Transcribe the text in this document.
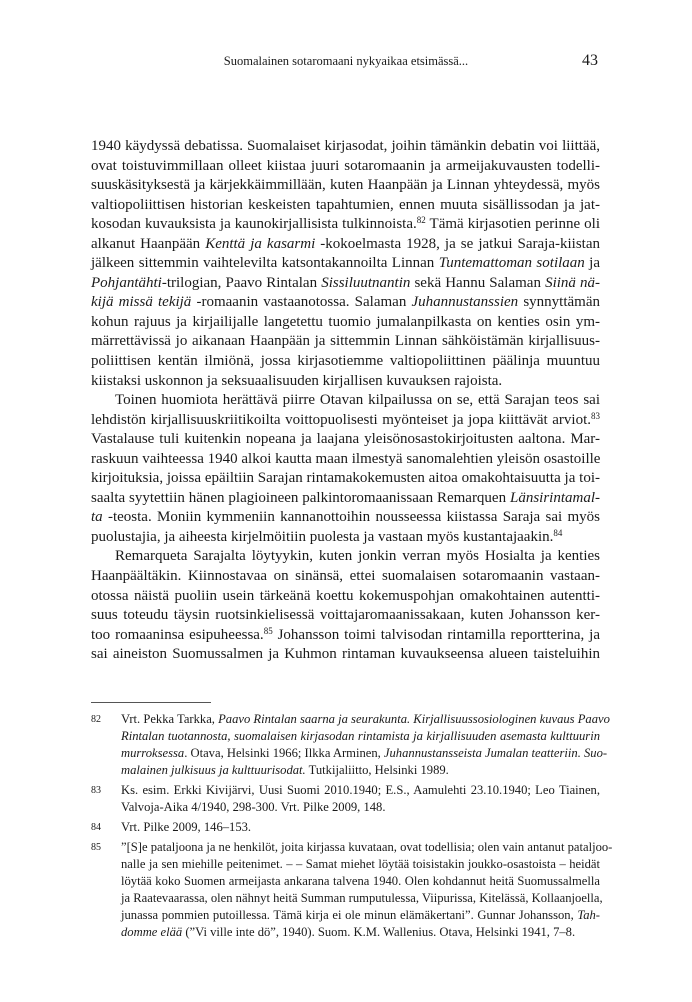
Suomalainen sotaromaani nykyaikaa etsimässä...	43
1940 käydyssä debatissa. Suomalaiset kirjasodat, joihin tämänkin debatin voi liittää,
ovat toistuvimmillaan olleet kiistaa juuri sotaromaanin ja armeijakuvausten todelli-
suuskäsityksestä ja kärjekkäimmillään, kuten Haanpään ja Linnan yhteydessä, myös
valtiopoliittisen historian keskeisten tapahtumien, ennen muuta sisällissodan ja jat-
kosodan kuvauksista ja kaunokirjallisista tulkinnoista.$^{82}$ Tämä kirjasotien perinne oli
alkanut Haanpään Kenttä ja kasarmi -kokoelmasta 1928, ja se jatkui Saraja-kiistan
jälkeen sittemmin vaihtelevilta katsontakannoilta Linnan Tuntemattoman sotilaan ja
Pohjantähti-trilogian, Paavo Rintalan Sissiluutnantin sekä Hannu Salaman Siinä nä-
kijä missä tekijä -romaanin vastaanotossa. Salaman Juhannustanssien synnyttämän
kohun rajuus ja kirjailijalle langetettu tuomio jumalanpilkasta on kenties osin ym-
märrettävissä jo aikanaan Haanpään ja sittemmin Linnan sähköistämän kirjallisuus-
poliittisen kentän ilmiönä, jossa kirjasotiemme valtiopoliittinen päälinja muuntuu
kiistaksi uskonnon ja seksuaalisuuden kirjallisen kuvauksen rajoista.
Toinen huomiota herättävä piirre Otavan kilpailussa on se, että Sarajan teos sai
lehdistön kirjallisuuskriitikoilta voittopuolisesti myönteiset ja jopa kiittävät arviot.$^{83}$
Vastalause tuli kuitenkin nopeana ja laajana yleisönosastokirjoitusten aaltona. Mar-
raskuun vaihteessa 1940 alkoi kautta maan ilmestyä sanomalehtien yleisön osastoille
kirjoituksia, joissa epäiltiin Sarajan rintamakokemusten aitoa omakohtaisuutta ja toi-
saalta syytettiin hänen plagioineen palkintoromaanissaan Remarquen Länsirintamal-
ta -teosta. Moniin kymmeniin kannanottoihin nousseessa kiistassa Saraja sai myös
puolustajia, ja aiheesta kirjelmöitiin puolesta ja vastaan myös kustantajaakin.$^{84}$
Remarqueta Sarajalta löytyykin, kuten jonkin verran myös Hosialta ja kenties
Haanpäältäkin. Kiinnostavaa on sinänsä, ettei suomalaisen sotaromaanin vastaan-
otossa näistä puoliin usein tärkeänä koettu kokemuspohjan omakohtainen autentti-
suus toteudu täysin ruotsinkielisessä voittajaromaanissakaan, kuten Johansson ker-
too romaaninsa esipuheessa.$^{85}$ Johansson toimi talvisodan rintamilla reportterina, ja
sai aineiston Suomussalmen ja Kuhmon rintaman kuvaukseensa alueen taisteluihin
82 Vrt. Pekka Tarkka, Paavo Rintalan saarna ja seurakunta. Kirjallisuussosiologinen kuvaus Paavo
Rintalan tuotannosta, suomalaisen kirjasodan rintamista ja kirjallisuuden asemasta kulttuurin
murroksessa. Otava, Helsinki 1966; Ilkka Arminen, Juhannustansseista Jumalan teatteriin. Suo-
malainen julkisuus ja kulttuurisodat. Tutkijaliitto, Helsinki 1989.
83 Ks. esim. Erkki Kivijärvi, Uusi Suomi 2010.1940; E.S., Aamulehti 23.10.1940; Leo Tiainen,
Valvoja-Aika 4/1940, 298-300. Vrt. Pilke 2009, 148.
84 Vrt. Pilke 2009, 146–153.
85 ”[S]e pataljoona ja ne henkilöt, joita kirjassa kuvataan, ovat todellisia; olen vain antanut pataljoo-
nalle ja sen miehille peitenimet. – – Samat miehet löytää toisistakin joukko-osastoista – heidät
löytää koko Suomen armeijasta ankarana talvena 1940. Olen kohdannut heitä Suomussalmella
ja Raatevaarassa, olen nähnyt heitä Summan rumputulessa, Viipurissa, Kitelässä, Kollaanjoella,
junassa pommien putoillessa. Tämä kirja ei ole minun elämäkertani”. Gunnar Johansson, Tah-
domme elää (”Vi ville inte dö”, 1940). Suom. K.M. Wallenius. Otava, Helsinki 1941, 7–8.
